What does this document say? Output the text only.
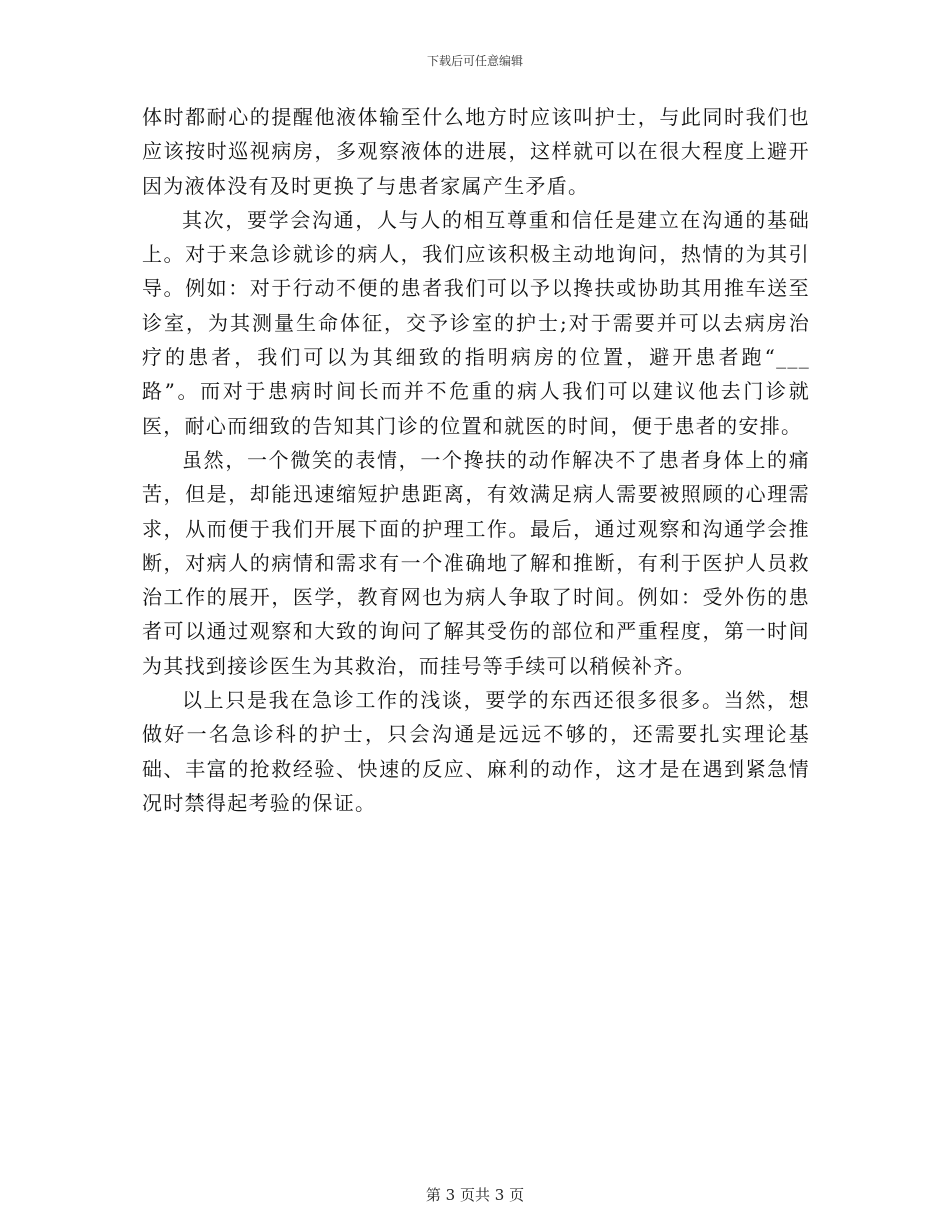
下载后可任意编辑

体时都耐心的提醒他液体输至什么地方时应该叫护士，与此同时我们也应该按时巡视病房，多观察液体的进展，这样就可以在很大程度上避开因为液体没有及时更换了与患者家属产生矛盾。

其次，要学会沟通，人与人的相互尊重和信任是建立在沟通的基础上。对于来急诊就诊的病人，我们应该积极主动地询问，热情的为其引导。例如：对于行动不便的患者我们可以予以搀扶或协助其用推车送至诊室，为其测量生命体征，交予诊室的护士;对于需要并可以去病房治疗的患者，我们可以为其细致的指明病房的位置，避开患者跑“___路”。而对于患病时间长而并不危重的病人我们可以建议他去门诊就医，耐心而细致的告知其门诊的位置和就医的时间，便于患者的安排。

虽然，一个微笑的表情，一个搀扶的动作解决不了患者身体上的痛苦，但是，却能迅速缩短护患距离，有效满足病人需要被照顾的心理需求，从而便于我们开展下面的护理工作。最后，通过观察和沟通学会推断，对病人的病情和需求有一个准确地了解和推断，有利于医护人员救治工作的展开，医学，教育网也为病人争取了时间。例如：受外伤的患者可以通过观察和大致的询问了解其受伤的部位和严重程度，第一时间为其找到接诊医生为其救治，而挂号等手续可以稍候补齐。

以上只是我在急诊工作的浅谈，要学的东西还很多很多。当然，想做好一名急诊科的护士，只会沟通是远远不够的，还需要扎实理论基础、丰富的抢救经验、快速的反应、麻利的动作，这才是在遇到紧急情况时禁得起考验的保证。

第 3 页共 3 页
